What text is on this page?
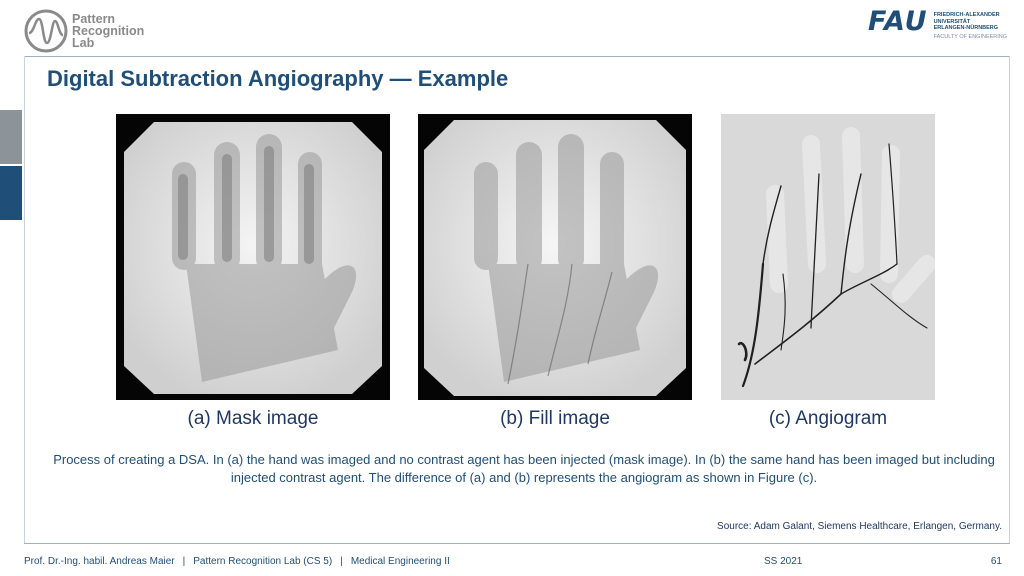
Pattern
Recognition
Lab
FAU FRIEDRICH-ALEXANDER
UNIVERSITÄT
ERLANGEN-NÜRNBERG
FACULTY OF ENGINEERING
Digital Subtraction Angiography — Example
(a) Mask image	(b) Fill image	(c) Angiogram

Process of creating a DSA. In (a) the hand was imaged and no contrast agent has been injected (mask image). In (b) the same hand has been imaged but including injected contrast agent. The difference of (a) and (b) represents the angiogram as shown in Figure (c).

Source: Adam Galant, Siemens Healthcare, Erlangen, Germany.
Prof. Dr.-Ing. habil. Andreas Maier | Pattern Recognition Lab (CS 5) | Medical Engineering II	SS 2021	61
